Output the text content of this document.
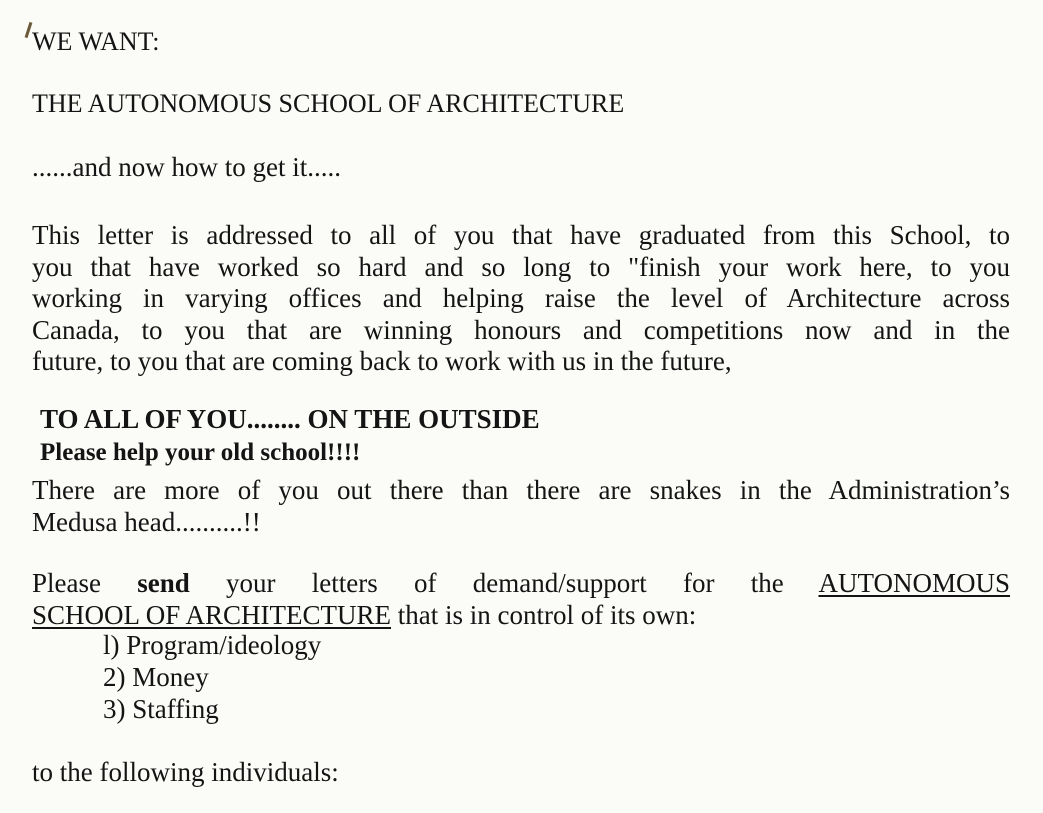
WE WANT:
THE AUTONOMOUS SCHOOL OF ARCHITECTURE
......and now how to get it.....
This letter is addressed to all of you that have graduated from this School, to
you that have worked so hard and so long to "finish your work here, to you
working in varying offices and helping raise the level of Architecture across
Canada, to you that are winning honours and competitions now and in the
future, to you that are coming back to work with us in the future,
TO ALL OF YOU........ ON THE OUTSIDE
Please help your old school!!!!
There are more of you out there than there are snakes in the Administration’s
Medusa head..........!!
Please send your letters of demand/support for the AUTONOMOUS
SCHOOL OF ARCHITECTURE that is in control of its own:
l) Program/ideology
2) Money
3) Staffing
to the following individuals:
